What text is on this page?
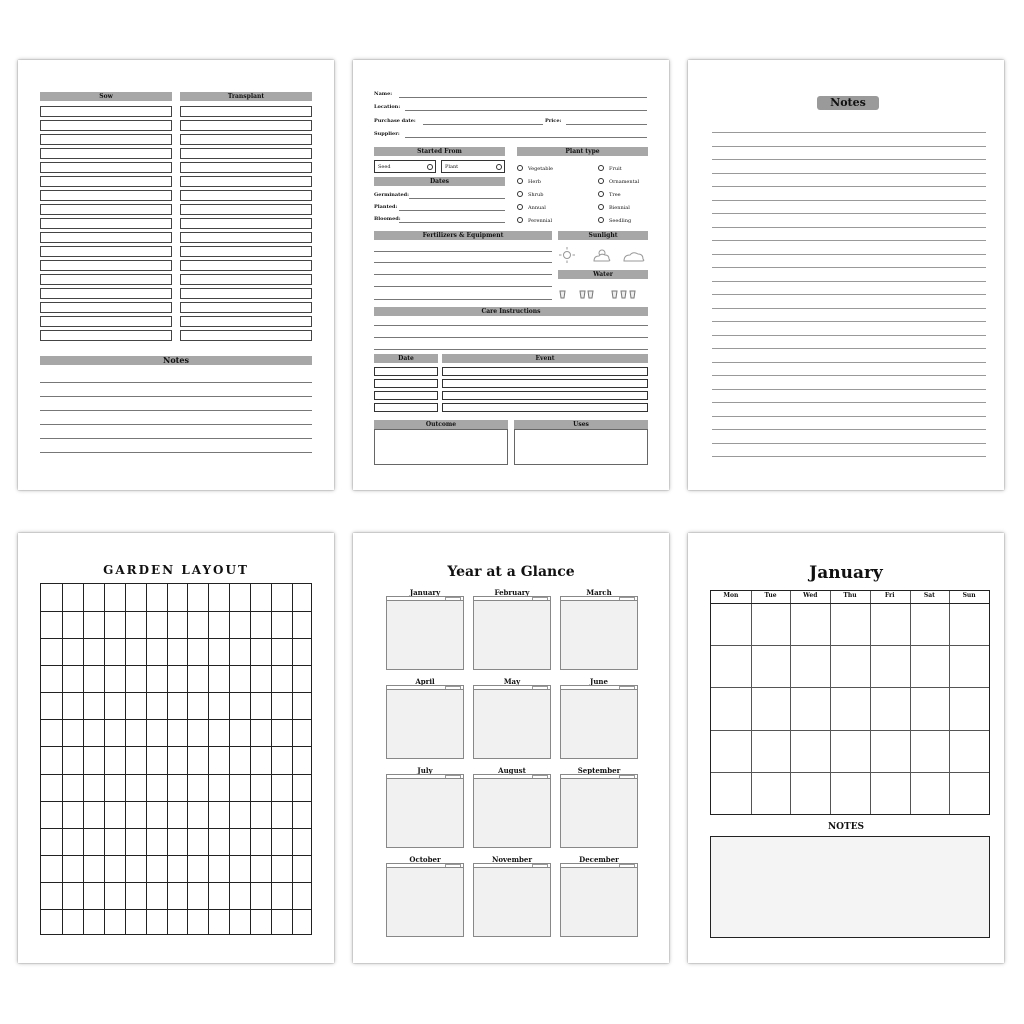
Sow	Transplant
Notes
Name:
Location:
Purchase date:	Price:
Supplier:
Started From
Seed	Plant
Dates
Germinated:
Planted:
Bloomed:
Plant type
Vegetable
Herb
Shrub
Annual
Perennial
Fruit
Ornamental
Tree
Biennial
Seedling
Fertilizers & Equipment	Sunlight
Water
Care Instructions
Date	Event
Outcome	Uses
Notes
GARDEN LAYOUT	Year at a Glance
January	February	March
April	May	June
July	August	September
October	November	December
January
Mon	Tue	Wed	Thu	Fri	Sat	Sun
NOTES
